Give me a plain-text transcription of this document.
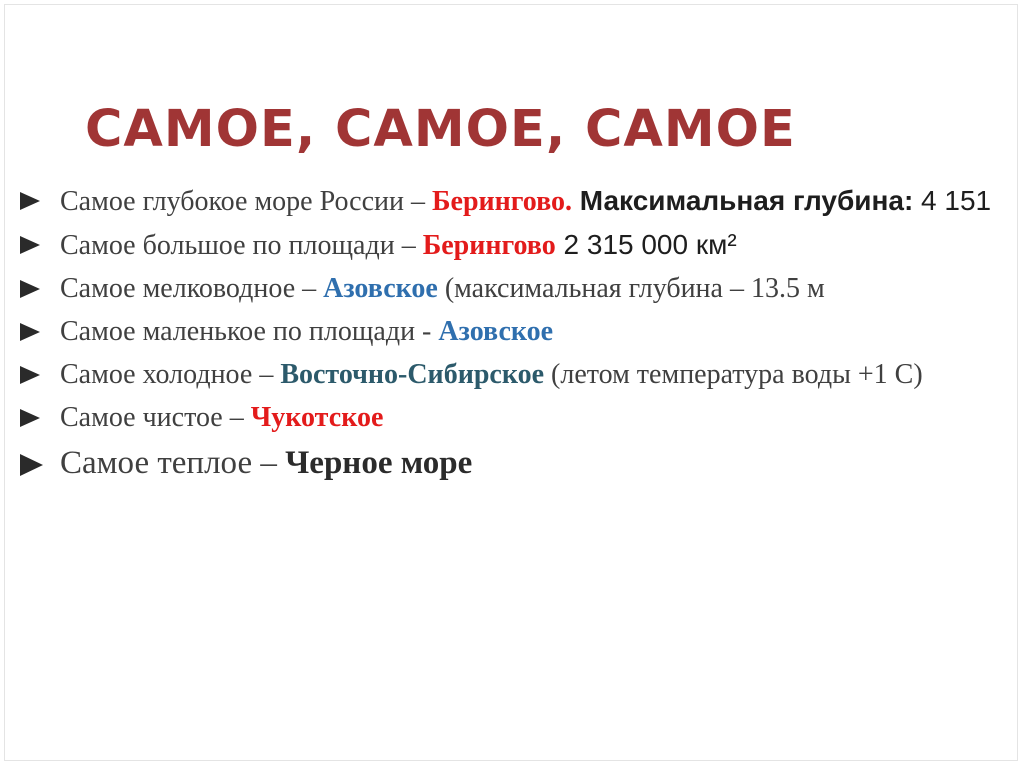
САМОЕ, САМОЕ, САМОЕ
Самое глубокое море России – Берингово. Максимальная глубина: 4 151
Самое большое по площади – Берингово 2 315 000 км²
Самое мелководное – Азовское (максимальная глубина – 13.5 м
Самое маленькое по площади - Азовское
Самое холодное – Восточно-Сибирское (летом температура воды +1 С)
Самое чистое – Чукотское
Самое теплое – Черное море
